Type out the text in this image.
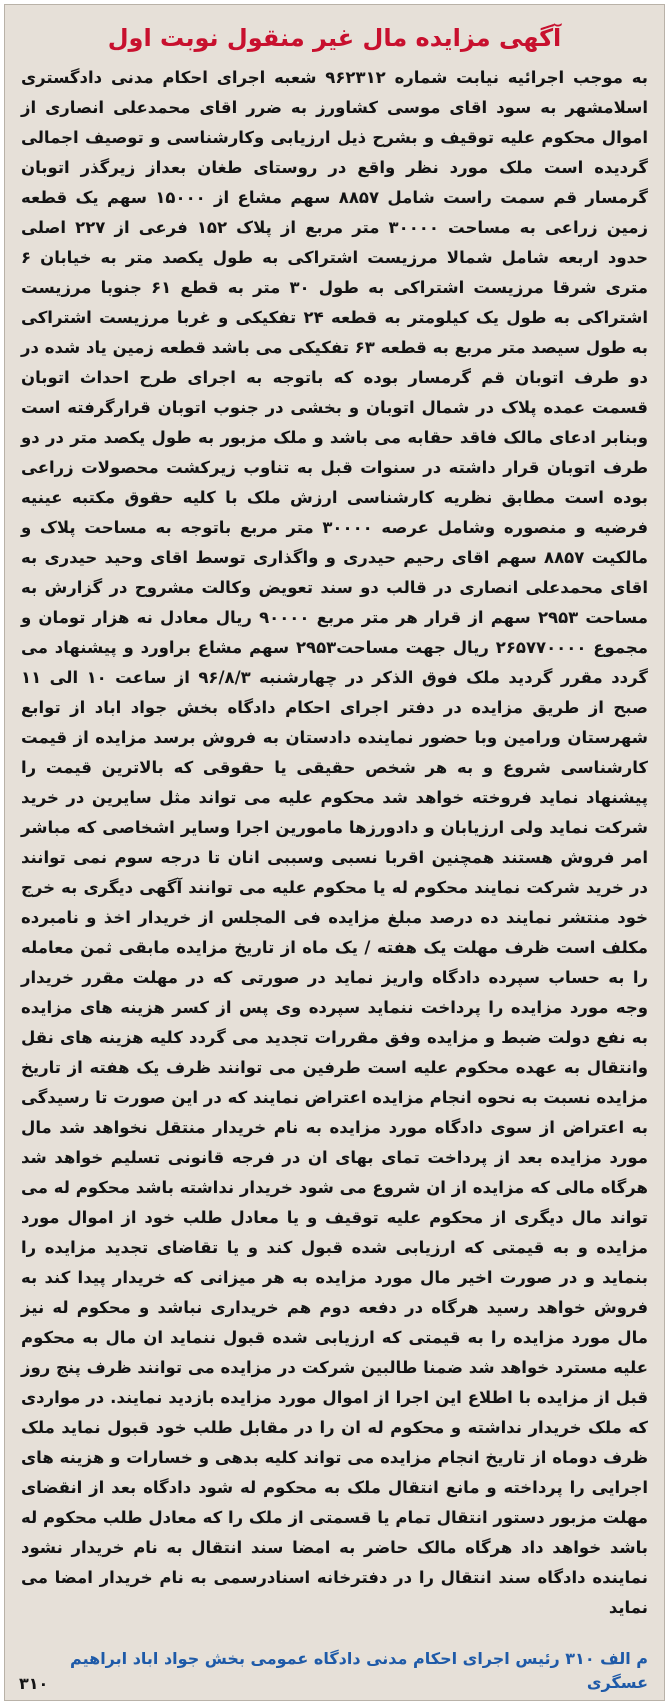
آگهی مزایده مال غیر منقول نوبت اول

به موجب اجرائیه نیابت شماره ۹۶۲۳۱۲ شعبه اجرای احکام مدنی دادگستری اسلامشهر به سود اقای موسی کشاورز به ضرر اقای محمدعلی انصاری از اموال محکوم علیه توقیف و بشرح ذیل ارزیابی وکارشناسی و توصیف اجمالی گردیده است ملک مورد نظر واقع در روستای طغان بعداز زیرگذر اتوبان گرمسار قم سمت راست شامل ۸۸۵۷ سهم مشاع از ۱۵۰۰۰ سهم یک قطعه زمین زراعی به مساحت ۳۰۰۰۰ متر مربع از پلاک ۱۵۲ فرعی از ۲۲۷ اصلی حدود اربعه شامل شمالا مرزیست اشتراکی به طول یکصد متر به خیابان ۶ متری شرقا مرزیست اشتراکی به طول ۳۰ متر به قطع ۶۱ جنوبا مرزیست اشتراکی به طول یک کیلومتر به قطعه ۲۴ تفکیکی و غربا مرزیست اشتراکی به طول سیصد متر مربع به قطعه ۶۳ تفکیکی می باشد قطعه زمین یاد شده در دو طرف اتوبان قم گرمسار بوده که باتوجه به اجرای طرح احداث اتوبان قسمت عمده پلاک در شمال اتوبان و بخشی در جنوب اتوبان قرارگرفته است وبنابر ادعای مالک فاقد حقابه می باشد و ملک مزبور به طول یکصد متر در دو طرف اتوبان قرار داشته در سنوات قبل به تناوب زیرکشت محصولات زراعی بوده است مطابق نظریه کارشناسی ارزش ملک با کلیه حقوق مکتبه عینیه فرضیه و منصوره وشامل عرصه ۳۰۰۰۰ متر مربع باتوجه به مساحت پلاک و مالکیت ۸۸۵۷ سهم اقای رحیم حیدری و واگذاری توسط اقای وحید حیدری به اقای محمدعلی انصاری در قالب دو سند تعویض وکالت مشروح در گزارش به مساحت ۲۹۵۳ سهم از قرار هر متر مربع ۹۰۰۰۰ ریال معادل نه هزار تومان و مجموع ۲۶۵۷۷۰۰۰۰ ریال جهت مساحت۲۹۵۳ سهم مشاع براورد و پیشنهاد می گردد مقرر گردید ملک فوق الذکر در چهارشنبه ۹۶/۸/۳ از ساعت ۱۰ الی ۱۱ صبح از طریق مزایده در دفتر اجرای احکام دادگاه بخش جواد اباد از توابع شهرستان ورامین وبا حضور نماینده دادستان به فروش برسد مزایده از قیمت کارشناسی شروع و به هر شخص حقیقی یا حقوقی که بالاترین قیمت را پیشنهاد نماید فروخته خواهد شد محکوم علیه می تواند مثل سایرین در خرید شرکت نماید ولی ارزیابان و دادورزها مامورین اجرا وسایر اشخاصی که مباشر امر فروش هستند همچنین اقربا نسبی وسببی انان تا درجه سوم نمی توانند در خرید شرکت نمایند محکوم له یا محکوم علیه می توانند آگهی دیگری به خرج خود منتشر نمایند ده درصد مبلغ مزایده فی المجلس از خریدار اخذ و نامبرده مکلف است ظرف مهلت یک هفته / یک ماه از تاریخ مزایده مابقی ثمن معامله را به حساب سپرده دادگاه واریز نماید در صورتی که در مهلت مقرر خریدار وجه مورد مزایده را پرداخت ننماید سپرده وی پس از کسر هزینه های مزایده به نفع دولت ضبط و مزایده وفق مقررات تجدید می گردد کلیه هزینه های نقل وانتقال به عهده محکوم علیه است طرفین می توانند ظرف یک هفته از تاریخ مزایده نسبت به نحوه انجام مزایده اعتراض نمایند که در این صورت تا رسیدگی به اعتراض از سوی دادگاه مورد مزایده به نام خریدار منتقل نخواهد شد مال مورد مزایده بعد از پرداخت تمای بهای ان در فرجه قانونی تسلیم خواهد شد هرگاه مالی که مزایده از ان شروع می شود خریدار نداشته باشد محکوم له می تواند مال دیگری از محکوم علیه توقیف و یا معادل طلب خود از اموال مورد مزایده و به قیمتی که ارزیابی شده قبول کند و یا تقاضای تجدید مزایده را بنماید و در صورت اخیر مال مورد مزایده به هر میزانی که خریدار پیدا کند به فروش خواهد رسید هرگاه در دفعه دوم هم خریداری نباشد و محکوم له نیز مال مورد مزایده را به قیمتی که ارزیابی شده قبول ننماید ان مال به محکوم علیه مسترد خواهد شد ضمنا طالبین شرکت در مزایده می توانند ظرف پنج روز قبل از مزایده با اطلاع این اجرا از اموال مورد مزایده بازدید نمایند. در مواردی که ملک خریدار نداشته و محکوم له ان را در مقابل طلب خود قبول نماید ملک ظرف دوماه از تاریخ انجام مزایده می تواند کلیه بدهی و خسارات و هزینه های اجرایی را پرداخته و مانع انتقال ملک به محکوم له شود دادگاه بعد از انقضای مهلت مزبور دستور انتقال تمام یا قسمتی از ملک را که معادل طلب محکوم له باشد خواهد داد هرگاه مالک حاضر به امضا سند انتقال به نام خریدار نشود نماینده دادگاه سند انتقال را در دفترخانه اسنادرسمی به نام خریدار امضا می نماید

م الف ۳۱۰ رئیس اجرای احکام مدنی دادگاه عمومی بخش جواد اباد ابراهیم عسگری

۳۱۰
